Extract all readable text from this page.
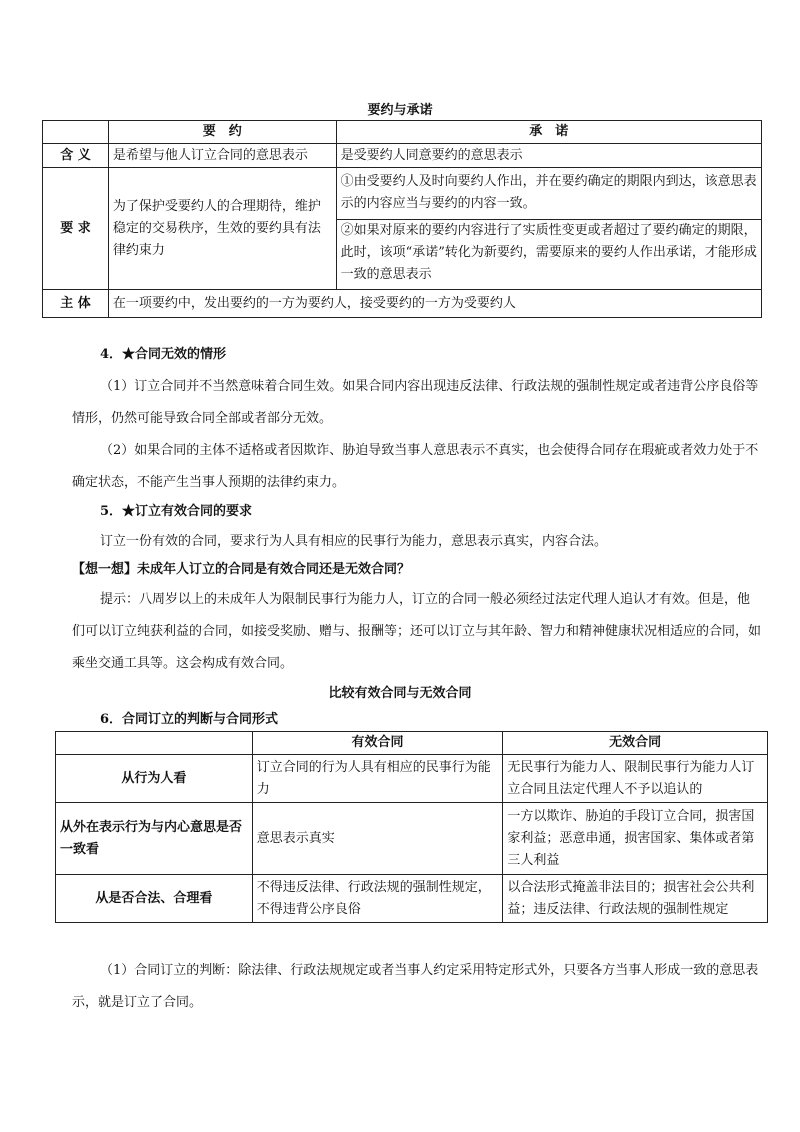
要约与承诺
	要　约	承　诺
含 义	是希望与他人订立合同的意思表示	是受要约人同意要约的意思表示
要 求	为了保护受要约人的合理期待，维护稳定的交易秩序，生效的要约具有法律约束力	①由受要约人及时向要约人作出，并在要约确定的期限内到达，该意思表示的内容应当与要约的内容一致。
②如果对原来的要约内容进行了实质性变更或者超过了要约确定的期限，此时，该项“承诺”转化为新要约，需要原来的要约人作出承诺，才能形成一致的意思表示

主 体	在一项要约中，发出要约的一方为要约人，接受要约的一方为受要约人	
4．★合同无效的情形
（1）订立合同并不当然意味着合同生效。如果合同内容出现违反法律、行政法规的强制性规定或者违背公序良俗等情形，仍然可能导致合同全部或者部分无效。
（2）如果合同的主体不适格或者因欺诈、胁迫导致当事人意思表示不真实，也会使得合同存在瑕疵或者效力处于不确定状态，不能产生当事人预期的法律约束力。
5．★订立有效合同的要求
订立一份有效的合同，要求行为人具有相应的民事行为能力，意思表示真实，内容合法。
【想一想】未成年人订立的合同是有效合同还是无效合同？
提示：八周岁以上的未成年人为限制民事行为能力人，订立的合同一般必须经过法定代理人追认才有效。但是，他们可以订立纯获利益的合同，如接受奖励、赠与、报酬等；还可以订立与其年龄、智力和精神健康状况相适应的合同，如乘坐交通工具等。这会构成有效合同。
比较有效合同与无效合同
6．合同订立的判断与合同形式
	有效合同	无效合同
从行为人看	订立合同的行为人具有相应的民事行为能力	无民事行为能力人、限制民事行为能力人订立合同且法定代理人不予以追认的
从外在表示行为与内心意思是否一致看	意思表示真实	一方以欺诈、胁迫的手段订立合同，损害国家利益；恶意串通，损害国家、集体或者第三人利益
从是否合法、合理看	不得违反法律、行政法规的强制性规定，不得违背公序良俗	以合法形式掩盖非法目的；损害社会公共利益；违反法律、行政法规的强制性规定
（1）合同订立的判断：除法律、行政法规规定或者当事人约定采用特定形式外，只要各方当事人形成一致的意思表示，就是订立了合同。
